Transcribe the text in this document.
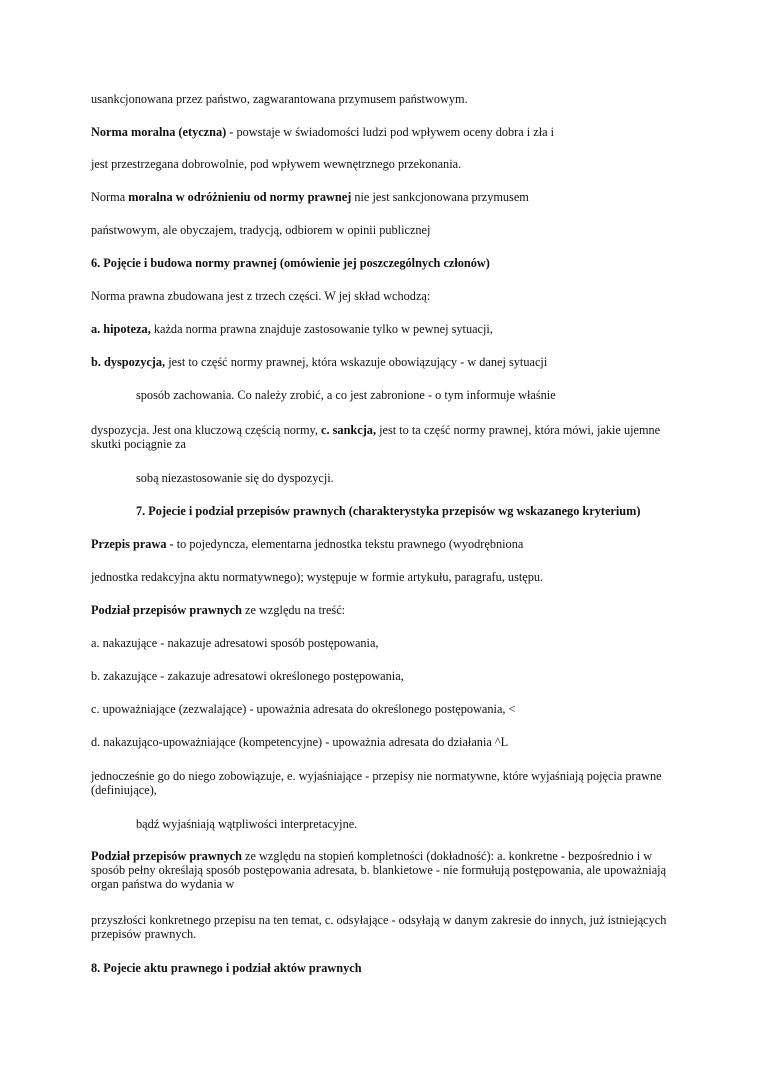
usankcjonowana przez państwo, zagwarantowana przymusem państwowym.
Norma moralna (etyczna) - powstaje w świadomości ludzi pod wpływem oceny dobra i zła i
jest przestrzegana dobrowolnie, pod wpływem wewnętrznego przekonania.
Norma moralna w odróżnieniu od normy prawnej nie jest sankcjonowana przymusem
państwowym, ale obyczajem, tradycją, odbiorem w opinii publicznej
6. Pojęcie i budowa normy prawnej (omówienie jej poszczególnych członów)
Norma prawna zbudowana jest z trzech części. W jej skład wchodzą:
a. hipoteza, każda norma prawna znajduje zastosowanie tylko w pewnej sytuacji,
b. dyspozycja, jest to część normy prawnej, która wskazuje obowiązujący - w danej sytuacji
sposób zachowania. Co należy zrobić, a co jest zabronione - o tym informuje właśnie
dyspozycja. Jest ona kluczową częścią normy, c. sankcja, jest to ta część normy prawnej, która mówi, jakie ujemne skutki pociągnie za
sobą niezastosowanie się do dyspozycji.
7. Pojecie i podział przepisów prawnych (charakterystyka przepisów wg wskazanego kryterium)
Przepis prawa - to pojedyncza, elementarna jednostka tekstu prawnego (wyodrębniona
jednostka redakcyjna aktu normatywnego); występuje w formie artykułu, paragrafu, ustępu.
Podział przepisów prawnych ze względu na treść:
a. nakazujące - nakazuje adresatowi sposób postępowania,
b. zakazujące - zakazuje adresatowi określonego postępowania,
c. upoważniające (zezwalające) - upoważnia adresata do określonego postępowania, <
d. nakazująco-upoważniające (kompetencyjne) - upoważnia adresata do działania ^L
jednocześnie go do niego zobowiązuje, e. wyjaśniające - przepisy nie normatywne, które wyjaśniają pojęcia prawne (definiujące),
bądź wyjaśniają wątpliwości interpretacyjne.
Podział przepisów prawnych ze względu na stopień kompletności (dokładność): a. konkretne - bezpośrednio i w sposób pełny określają sposób postępowania adresata, b. blankietowe - nie formułują postępowania, ale upoważniają organ państwa do wydania w
przyszłości konkretnego przepisu na ten temat, c. odsyłające - odsyłają w danym zakresie do innych, już istniejących przepisów prawnych.
8. Pojecie aktu prawnego i podział aktów prawnych
